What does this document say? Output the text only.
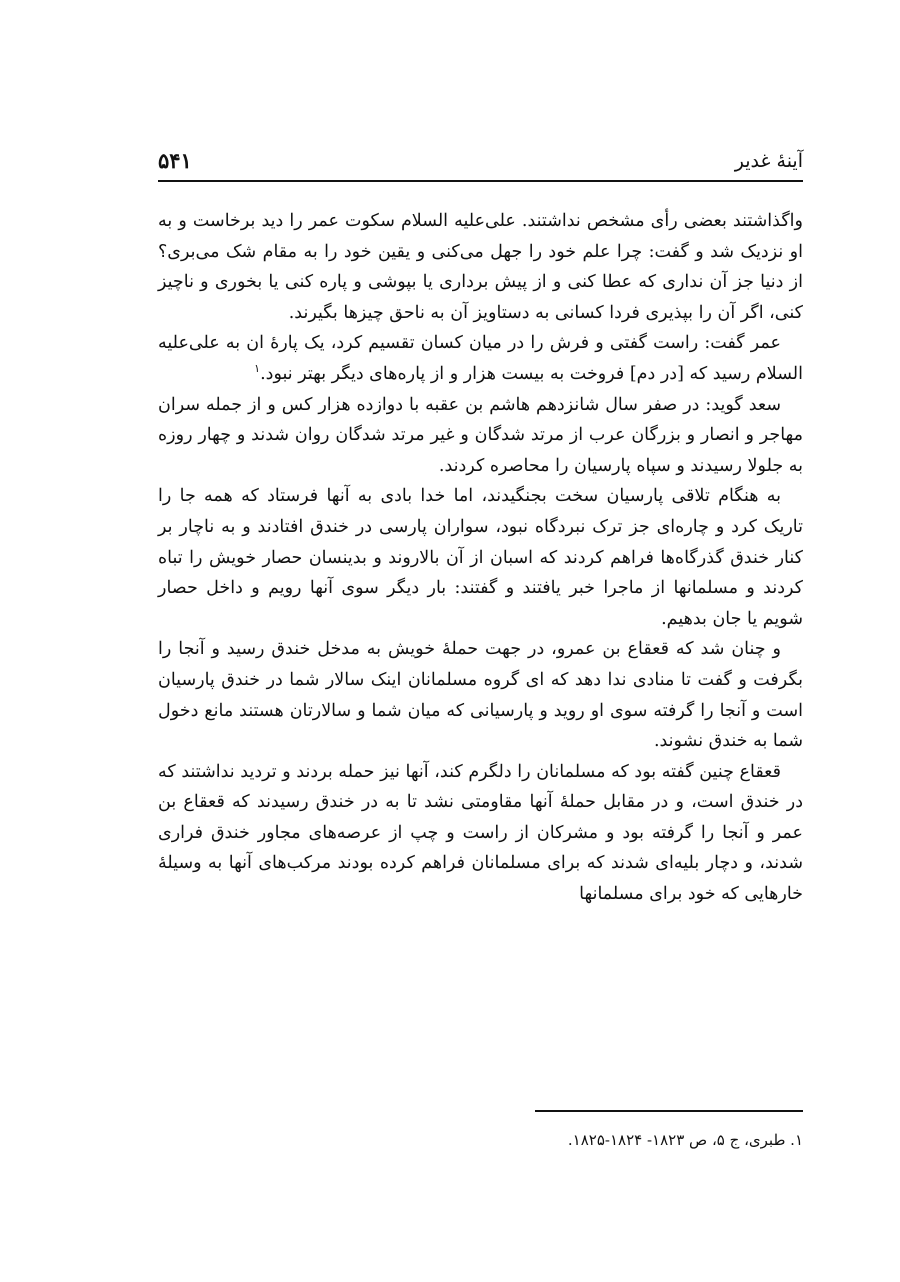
آینهٔ غدیر
۵۴۱

واگذاشتند بعضی رأی مشخص نداشتند. علی‌علیه السلام سکوت عمر را دید برخاست و به او نزدیک شد و گفت: چرا علم خود را جهل می‌کنی و یقین خود را به مقام شک می‌بری؟ از دنیا جز آن نداری که عطا کنی و از پیش برداری یا بپوشی و پاره کنی یا بخوری و ناچیز کنی، اگر آن را بپذیری فردا کسانی به دستاویز آن به ناحق چیزها بگیرند.

عمر گفت: راست گفتی و فرش را در میان کسان تقسیم کرد، یک پارهٔ ان به علی‌علیه السلام رسید که [در دم] فروخت به بیست هزار و از پاره‌های دیگر بهتر نبود.$^۱$

سعد گوید: در صفر سال شانزدهم هاشم بن عقبه با دوازده هزار کس و از جمله سران مهاجر و انصار و بزرگان عرب از مرتد شدگان و غیر مرتد شدگان روان شدند و چهار روزه به جلولا رسیدند و سپاه پارسیان را محاصره کردند.

به هنگام تلاقی پارسیان سخت بجنگیدند، اما خدا بادی به آنها فرستاد که همه جا را تاریک کرد و چاره‌ای جز ترک نبردگاه نبود، سواران پارسی در خندق افتادند و به ناچار بر کنار خندق گذرگاه‌ها فراهم کردند که اسبان از آن بالاروند و بدینسان حصار خویش را تباه کردند و مسلمانها از ماجرا خبر یافتند و گفتند: بار دیگر سوی آنها رویم و داخل حصار شویم یا جان بدهیم.

و چنان شد که قعقاع بن عمرو، در جهت حملهٔ خویش به مدخل خندق رسید و آنجا را بگرفت و گفت تا منادی ندا دهد که ای گروه مسلمانان اینک سالار شما در خندق پارسیان است و آنجا را گرفته سوی او روید و پارسیانی که میان شما و سالارتان هستند مانع دخول شما به خندق نشوند.

قعقاع چنین گفته بود که مسلمانان را دلگرم کند، آنها نیز حمله بردند و تردید نداشتند که در خندق است، و در مقابل حملهٔ آنها مقاومتی نشد تا به در خندق رسیدند که قعقاع بن عمر و آنجا را گرفته بود و مشرکان از راست و چپ از عرصه‌های مجاور خندق فراری شدند، و دچار بلیه‌ای شدند که برای مسلمانان فراهم کرده بودند مرکب‌های آنها به وسیلهٔ خارهایی که خود برای مسلمانها

۱. طبری، ج ۵، ص ۱۸۲۳- ۱۸۲۴-۱۸۲۵.
